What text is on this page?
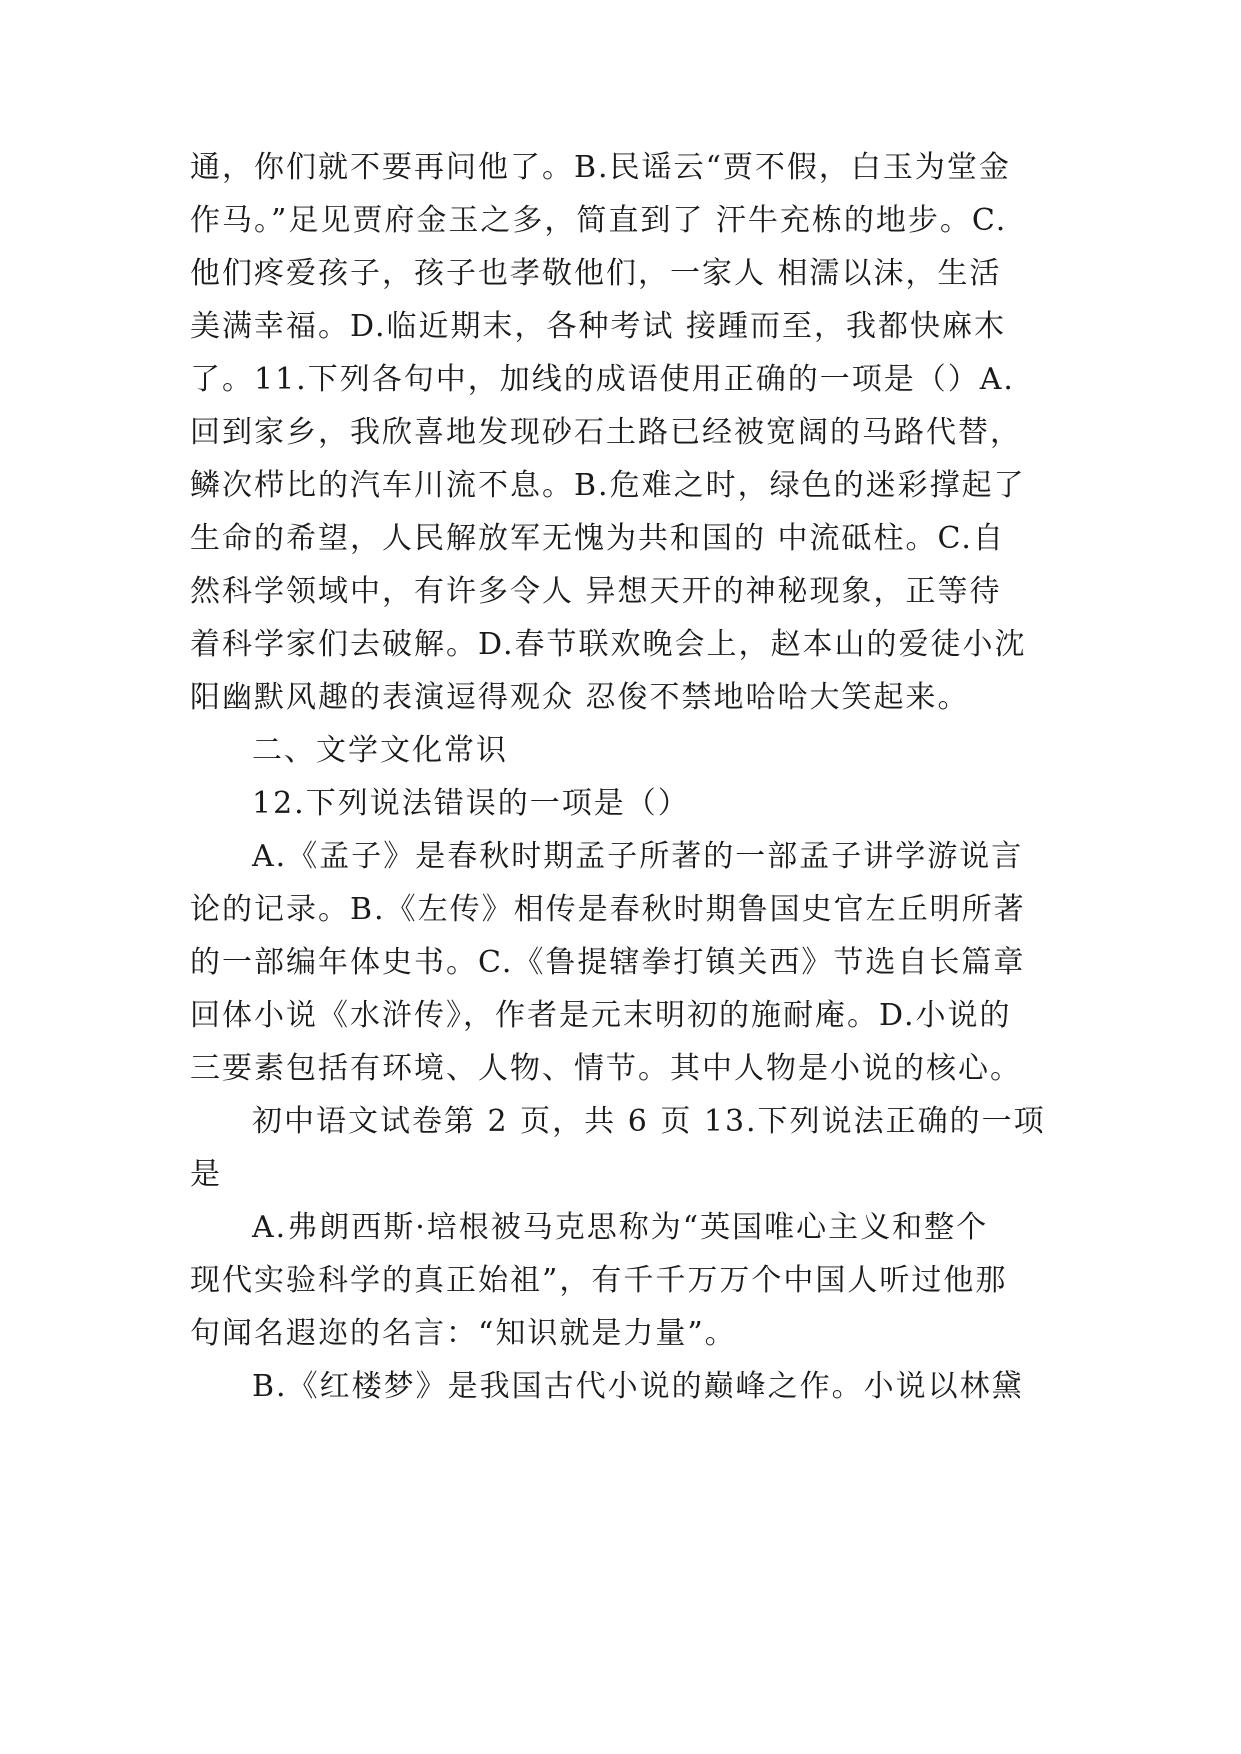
通，你们就不要再问他了。B.民谣云“贾不假，白玉为堂金
作马。”足见贾府金玉之多，简直到了 汗牛充栋的地步。C.
他们疼爱孩子，孩子也孝敬他们，一家人 相濡以沫，生活
美满幸福。D.临近期末，各种考试 接踵而至，我都快麻木
了。11.下列各句中，加线的成语使用正确的一项是（）A.
回到家乡，我欣喜地发现砂石土路已经被宽阔的马路代替，
鳞次栉比的汽车川流不息。B.危难之时，绿色的迷彩撑起了
生命的希望，人民解放军无愧为共和国的 中流砥柱。C.自
然科学领域中，有许多令人 异想天开的神秘现象，正等待
着科学家们去破解。D.春节联欢晚会上，赵本山的爱徒小沈
阳幽默风趣的表演逗得观众 忍俊不禁地哈哈大笑起来。
二、文学文化常识
12.下列说法错误的一项是（）
A.《孟子》是春秋时期孟子所著的一部孟子讲学游说言
论的记录。B.《左传》相传是春秋时期鲁国史官左丘明所著
的一部编年体史书。C.《鲁提辖拳打镇关西》节选自长篇章
回体小说《水浒传》，作者是元末明初的施耐庵。D.小说的
三要素包括有环境、人物、情节。其中人物是小说的核心。
初中语文试卷第 2 页，共 6 页 13.下列说法正确的一项
是
A.弗朗西斯·培根被马克思称为“英国唯心主义和整个
现代实验科学的真正始祖”，有千千万万个中国人听过他那
句闻名遐迩的名言：“知识就是力量”。
B.《红楼梦》是我国古代小说的巅峰之作。小说以林黛
